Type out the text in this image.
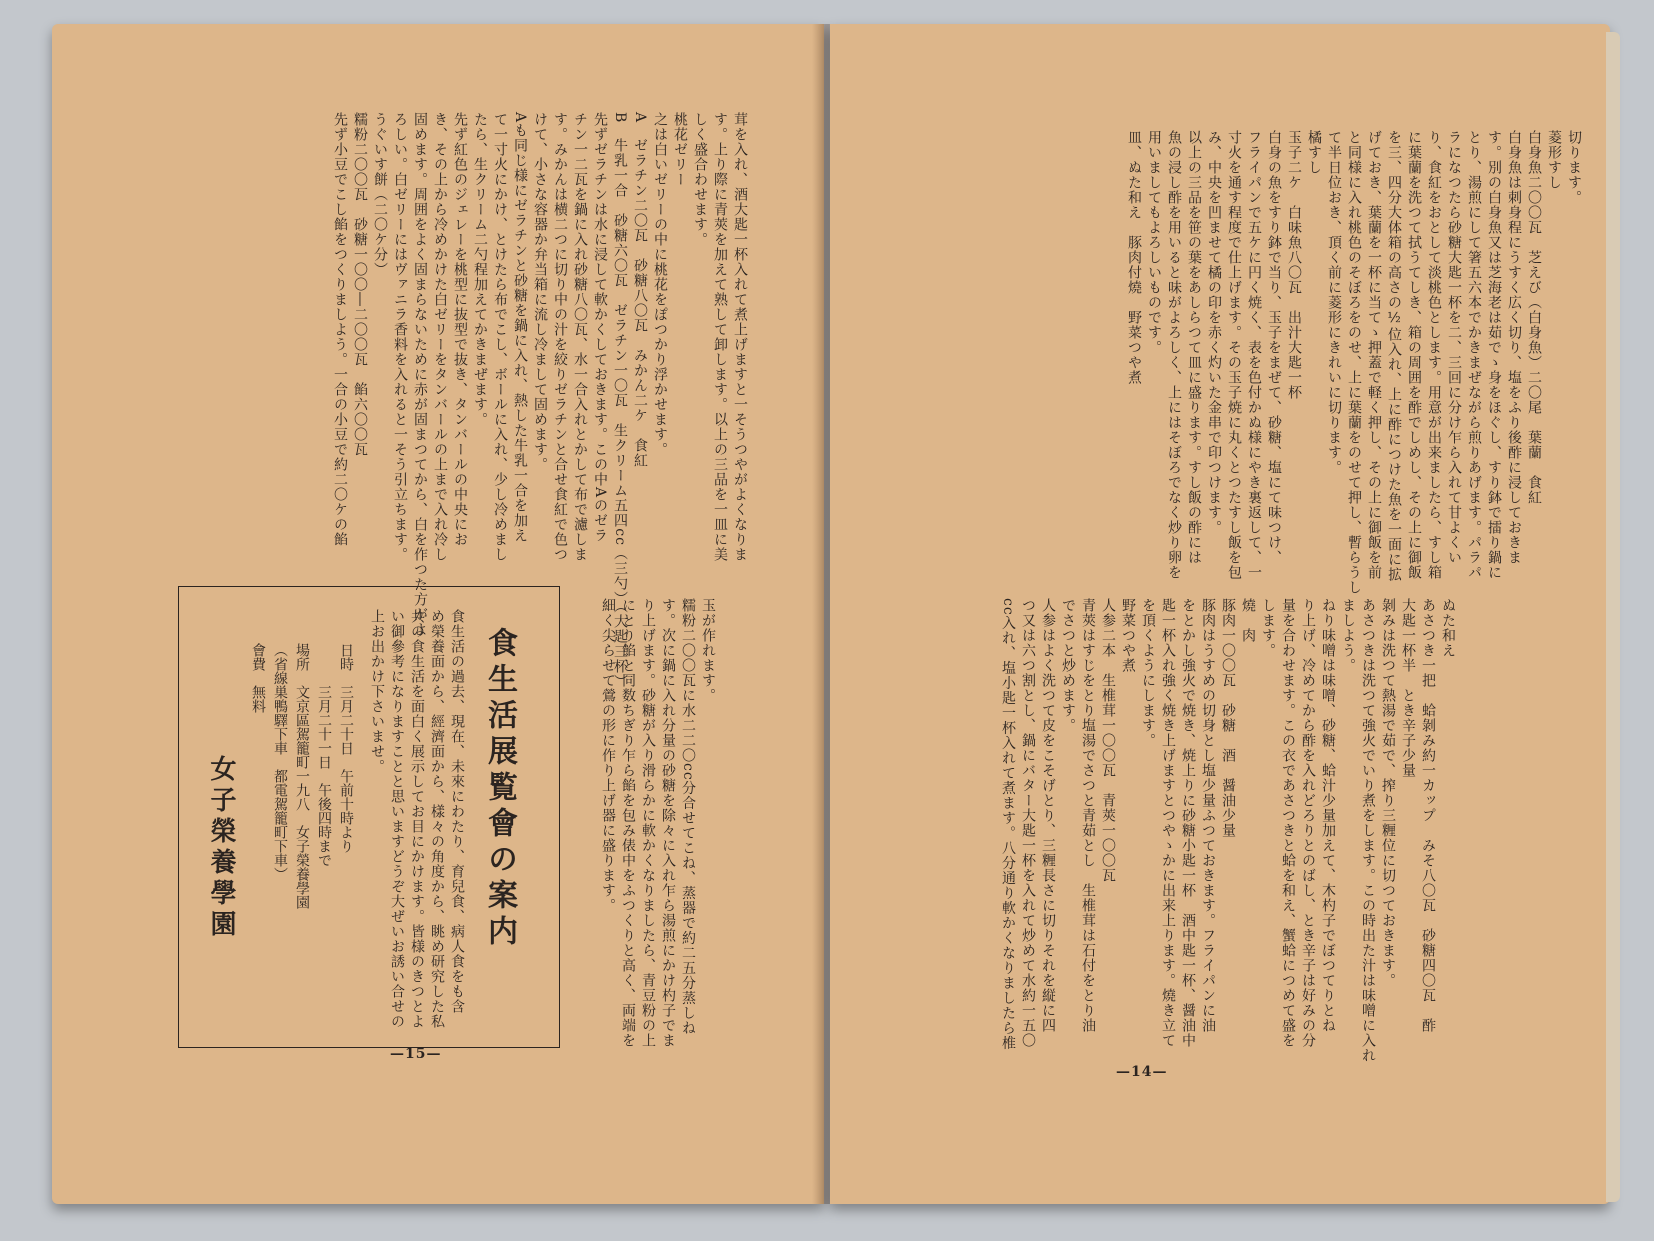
茸を入れ、酒大匙一杯入れて煮上げますと一そうつやがよくなりま
す。上り際に青莢を加えて熟して卸します。以上の三品を一皿に美
しく盛合わせます。
桃花ゼリー
之は白いゼリーの中に桃花をぽつかり浮かせます。
A　ゼラチン二〇瓦　砂糖八〇瓦　みかん二ケ　食紅
B　牛乳一合　砂糖六〇瓦　ゼラチン一〇瓦　生クリーム五四cc（三勺）（大匙三杯）
先ずゼラチンは水に浸して軟かくしておきます。この中Aのゼラ
チン一二瓦を鍋に入れ砂糖八〇瓦、水一合入れとかして布で濾しま
す。みかんは横二つに切り中の汁を絞りゼラチンと合せ食紅で色つ
けて、小さな容器か弁当箱に流し冷まして固めます。
Aも同じ様にゼラチンと砂糖を鍋に入れ、熱した牛乳一合を加え
て一寸火にかけ、とけたら布でこし、ボールに入れ、少し冷めまし
たら、生クリーム二勺程加えてかきまぜます。
先ず紅色のジェレーを桃型に抜型で抜き、タンバールの中央にお
き、その上から冷めかけた白ゼリーをタンバールの上まで入れ冷し
固めます。周囲をよく固まらないために赤が固まつてから、白を作つた方がよ
ろしい。白ゼリーにはヴァニラ香料を入れると一そう引立ちます。
うぐいす餅（二〇ケ分）
糯粉二〇〇瓦　砂糖一〇〇―二〇〇瓦　餡六〇〇瓦
先ず小豆でこし餡をつくりましよう。一合の小豆で約二〇ケの餡
玉が作れます。
糯粉二〇〇瓦に水二二〇cc分合せてこね、蒸器で約二五分蒸しね
す。次に鍋に入れ分量の砂糖を除々に入れ乍ら湯煎にかけ杓子でま
り上げます。砂糖が入り滑らかに軟かくなりましたら、青豆粉の上
にとり餡と同数ちぎり乍ら餡を包み俵中をふつくりと高く、両端を
細く尖らせて鶯の形に作り上げ器に盛ります。
食生活展覧會の案内
食生活の過去、現在、未來にわたり、育兒食、病人食をも含
め榮養面から、經濟面から、樣々の角度から、眺め研究した私
共の食生活を面白く展示してお目にかけます。皆様のきつとよ
い御參考になりますことと思いますどうぞ大ぜいお誘い合せの
上お出かけ下さいませ。
日時　三月二十日　午前十時より
　　　三月二十一日　午後四時まで
場所　文京區駕籠町一九八　女子榮養學園
（省線巣鴨驛下車　都電駕籠町下車）
會費　無料
女子榮養學園
—15—
切ります。
菱形すし
白身魚二〇〇瓦　芝えび（白身魚）二〇尾　葉蘭　食紅
白身魚は刺身程にうすく広く切り、塩をふり後酢に浸しておきま
す。別の白身魚又は芝海老は茹でゝ身をほぐし、すり鉢で擂り鍋に
とり、湯煎にして箸五六本でかきまぜながら煎りあげます。パラパ
ラになつたら砂糖大匙一杯を二、三回に分け乍ら入れて甘よくい
り、食紅をおとして淡桃色とします。用意が出来ましたら、すし箱
に葉蘭を洗つて拭うてしき、箱の周囲を酢でしめし、その上に御飯
を三、四分大体箱の高さの½位入れ、上に酢につけた魚を一面に拡
げておき、葉蘭を一杯に当てゝ押蓋で軽く押し、その上に御飯を前
と同様に入れ桃色のそぼろをのせ、上に葉蘭をのせて押し、暫らうし
て半日位おき、頂く前に菱形にきれいに切ります。
橘すし
玉子二ケ　白味魚八〇瓦　出汁大匙一杯
白身の魚をすり鉢で当り、玉子をまぜて、砂糖、塩にて味つけ、
フライパンで五ケに円く焼く、表を色付かぬ様にやき裏返して、一
寸火を通す程度で仕上げます。その玉子焼に丸くとつたすし飯を包
み、中央を凹ませて橘の印を赤く灼いた金串で印つけます。
以上の三品を笹の葉をあしらつて皿に盛ります。すし飯の酢には
魚の浸し酢を用いると味がよろしく、上にはそぼろでなく炒り卵を
用いましてもよろしいものです。
皿、ぬた和え　豚肉付燒　野菜つや煮
ぬた和え
あさつき一把　蛤剝み約一カップ　みそ八〇瓦　砂糖四〇瓦　酢
大匙一杯半　とき辛子少量
剝みは洗つて熱湯で茹で、搾り三糎位に切つておきます。
あさつきは洗つて強火でいり煮をします。この時出た汁は味噌に入れ
ましよう。
ねり味噌は味噌、砂糖、蛤汁少量加えて、木杓子でぼつてりとね
り上げ、冷めてから酢を入れどろりとのばし、とき辛子は好みの分
量を合わせます。この衣であさつきと蛤を和え、蟹蛤につめて盛を
します。
燒　肉
豚肉一〇〇瓦　砂糖　酒　醤油少量
豚肉はうすめの切身とし塩少量ふつておきます。フライパンに油
をとかし強火で焼き、焼上りに砂糖小匙一杯　酒中匙一杯、醤油中
匙一杯入れ強く焼き上げますとつやゝかに出来上ります。燒き立て
を頂くようにします。
野菜つや煮
人参二本　生椎茸一〇〇瓦　青莢一〇〇瓦
青莢はすじをとり塩湯でさつと青茹とし　生椎茸は石付をとり油
でさつと炒めます。
人参はよく洗つて皮をこそげとり、三糎長さに切りそれを縦に四
つ又は六つ割とし、鍋にバター大匙一杯を入れて炒めて水約一五〇
cc入れ、塩小匙一杯入れて煮ます。八分通り軟かくなりましたら椎
—14—
